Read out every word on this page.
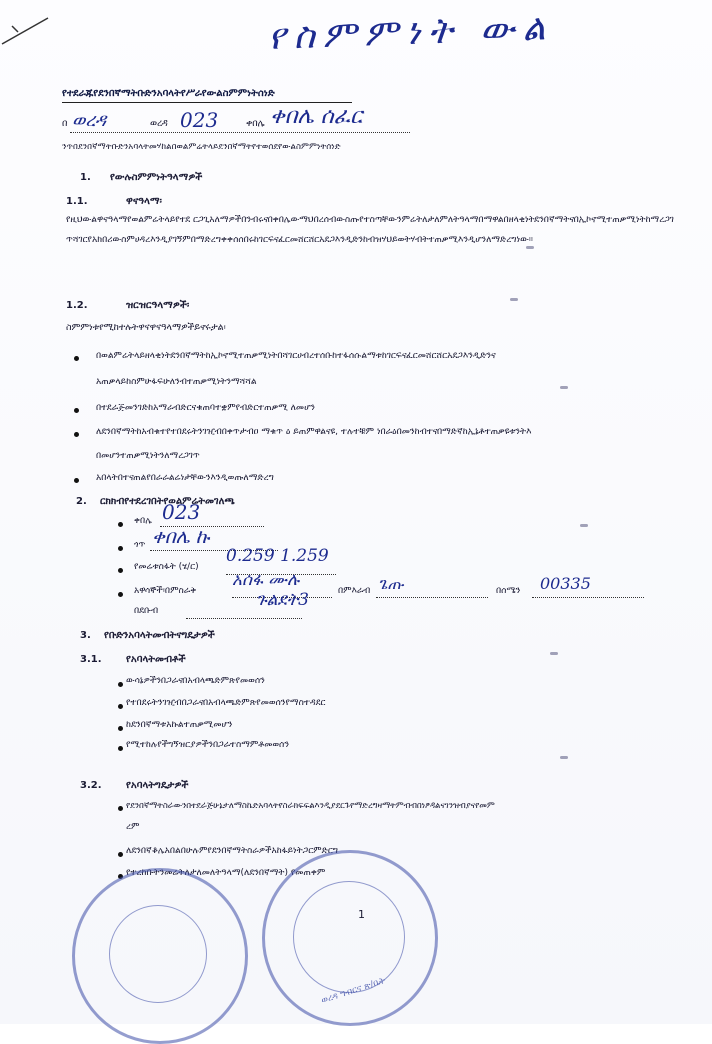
የስምምነት ውል
የተደራጁየደንበኛማትቡድንአባላትየሥራየውልስምምነትሰነድ
በ ወረዳ	ወረዳ 023	ቀበሌ ቀበሌ ሰፈር
ንጥበደንበኛማትቡድንአባላትመሃከልበወልምሬትላይደንበኛማትየተወሰደየውልስምምነትሰነድ
1. የውሉስምምነትዓላማዎች
1.1.	ዋናዓላማ፡
የዚህውልዋናዓላማየወልምሬትላይየተደ ርጋጊአለማዎችበንብሩናበቀበሌውማህበረሰብውስጡየተስጣቸውንምሬትለታለምለትዓላማበማዋልበዘላቂነትደንበኛማትናበኢኮኖሚተጠቃሚነትከማረጋገጥሻገርየአክበሪውስምሀዳረእንዲያገኝምበማድረግቀቀሰሰበሩከገርፍናፈርመሸርሸርአደጋእንዲድንከብዝሃህይወትሃብትተጠቃሚእንዲሆንለማድረግነው።
1.2.	ዝርዝርዓላማዎች፡
ስምምነቱየሚከተሉትዋናዋናዓላማዎችይኖሩታል፡
በወልምሬትላይዘላቂነትደንበኛማትከኢኮኖሚተጠቃሚነትበሻገርሀብረተሰቡከተፋሰሱልማቱከገርፍናፈርመሸርሸርአደጋእንዲድንና
አጠቃላይከስምሁፋፍሁለንብተጠቃሚነትንማሻሻል
በተደራጅመንገድከአማራብድርናቁጠባተቋምየብድርተጠቃሚ ለመሆን
ለደንበኛማትከአብቁተየተበደሩትንገዢብበቀጥታብዐ ማቁጥ ዕ ይጠምዋልናዩ, ተሉተቹም ነበራዕበመንከብተናበማድኛከኢኔቶተጠቃዩቱንትእ
በመሆንተጠቃሚነትንለማረጋገጥ
አበላትበተናጠልየበራራልሬነታቸውንእንዲወጡለማድረግ
2. ርክክብየተደረገበትየወልምሬትመገለጫ
ቀበሌ 023
ጎጥ ቀበሌ ኩ
የመሬቱስፋት (ሄ/ር)
0.259 1.259
አዋሳኞች፡በምስራቅ
አሰፋ ሙሉ
በምእራብ ጌጡ	በሰሜን 00335
በደቡብ
ጉልደት3
3. የቡድንአባላትመብትናግዴታዎች
3.1. የአባላትመብቶች
ውሳኔዎችንበጋራናበአብላጫድምጽየመወሰን
የተበደሩትንገዢብበጋራናበአብላጫድምጽየመወሰንየማስተዳደር
ከደንበኛማቱአኩልተጠቃሚመሆን
የሚተከሉየችግኝዝርያዎችንበጋራተስማምቶመወሰን
3.2. የአባላትግዴታዎች
የደንበኛማትስራውንበተደራጅሁኔታለማስኬድአባላትየስራክፍፍልእንዲያደርጉየማድረግዛማትምብብበነፆዳልናገንዝብያናየመም
ረም
ለደንበኛቆሌአበልበሁሉምየደንበኛማትስራዎችአከፋይነትጋርምድርግ
የተረከቡትንመሬትለታለመለትዓላማ(ለደንበኛማት) የመጠቀም
1
ወረዳ ግብርና ጽ/ቤት
